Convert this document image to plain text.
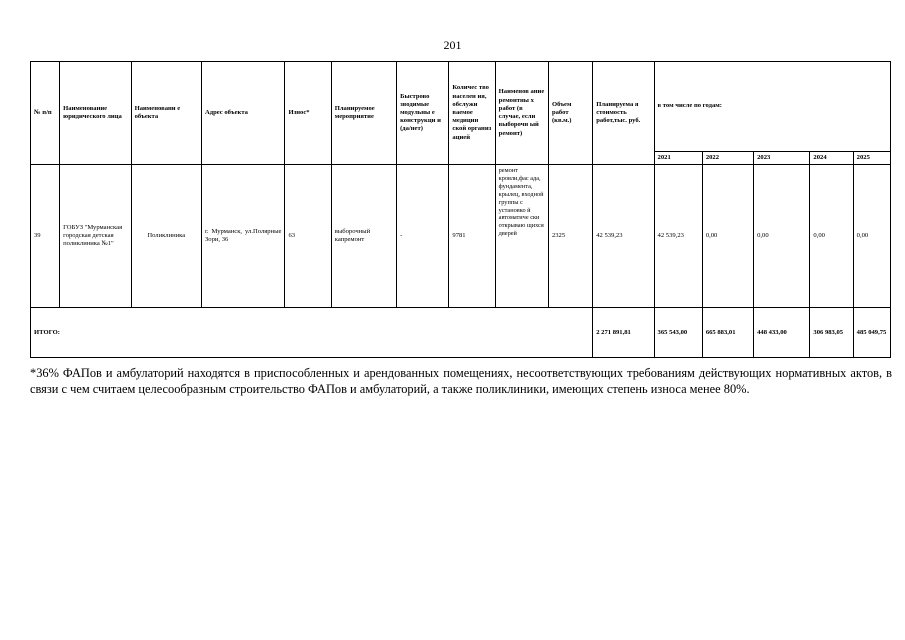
201
№ п/п	Наименование юридического лица	Наименовани е объекта	Адрес объекта	Износ*	Планируемое мероприятие	Быстрово зводимые модульны е конструкци и (да/нет)	Количес тво населен ия, обслужи ваемое медицин ской организ ацией	Наименов ание ремонтны х работ (в случае, если выборочн ый ремонт)	Объем работ (кв.м.)	Планируема я стоимость работ,тыс. руб.	в том числе по годам:				
											2021	2022	2023	2024	2025
39	ГОБУЗ "Мурманская городская детская поликлиника №1"	Поликлиника	г. Мурманск, ул.Полярные Зори, 36	63	выборочный капремонт	-	9781	ремонт кровли,фас ада, фундамента, крылец, входной группы с установко й автоматиче ски открываю щихся дверей	2325	42 539,23	42 539,23	0,00	0,00	0,00	0,00
ИТОГО:										2 271 891,81	365 543,00	665 883,01	448 433,00	306 983,05	485 049,75
*36% ФАПов и амбулаторий находятся в приспособленных и арендованных помещениях, несоответствующих требованиям действующих нормативных актов, в связи с чем считаем целесообразным строительство ФАПов и амбулаторий, а также поликлиники, имеющих степень износа менее 80%.
